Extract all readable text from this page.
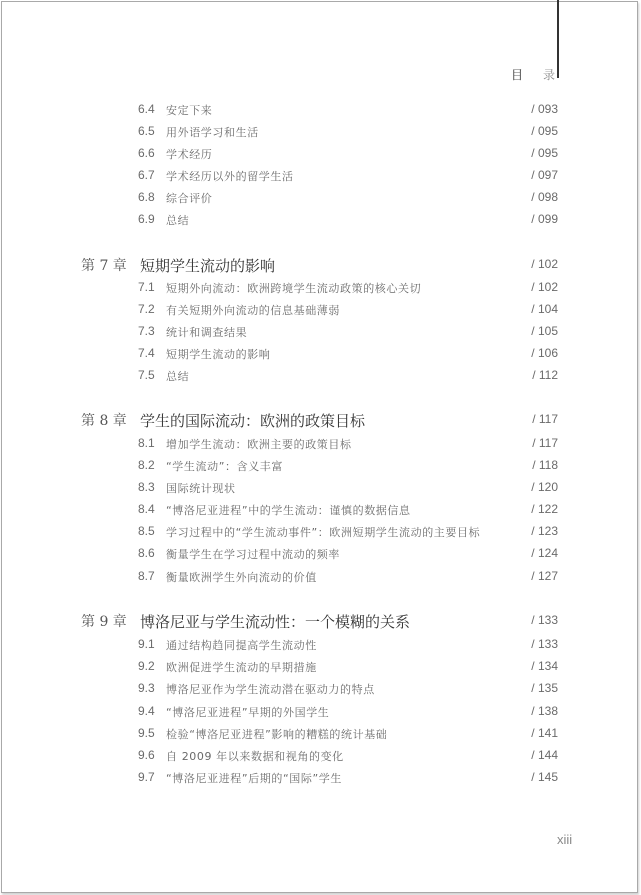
目 录
6.4 安定下来	/ 093
6.5 用外语学习和生活	/ 095
6.6 学术经历	/ 095
6.7 学术经历以外的留学生活	/ 097
6.8 综合评价	/ 098
6.9 总结	/ 099
第 7 章 短期学生流动的影响	/ 102
7.1 短期外向流动：欧洲跨境学生流动政策的核心关切	/ 102
7.2 有关短期外向流动的信息基础薄弱	/ 104
7.3 统计和调查结果	/ 105
7.4 短期学生流动的影响	/ 106
7.5 总结	/ 112
第 8 章 学生的国际流动：欧洲的政策目标	/ 117
8.1 增加学生流动：欧洲主要的政策目标	/ 117
8.2 “学生流动”：含义丰富	/ 118
8.3 国际统计现状	/ 120
8.4 “博洛尼亚进程”中的学生流动：谨慎的数据信息	/ 122
8.5 学习过程中的“学生流动事件”：欧洲短期学生流动的主要目标	/ 123
8.6 衡量学生在学习过程中流动的频率	/ 124
8.7 衡量欧洲学生外向流动的价值	/ 127
第 9 章 博洛尼亚与学生流动性：一个模糊的关系	/ 133
9.1 通过结构趋同提高学生流动性	/ 133
9.2 欧洲促进学生流动的早期措施	/ 134
9.3 博洛尼亚作为学生流动潜在驱动力的特点	/ 135
9.4 “博洛尼亚进程”早期的外国学生	/ 138
9.5 检验“博洛尼亚进程”影响的糟糕的统计基础	/ 141
9.6 自 2009 年以来数据和视角的变化	/ 144
9.7 “博洛尼亚进程”后期的“国际”学生	/ 145
xiii
